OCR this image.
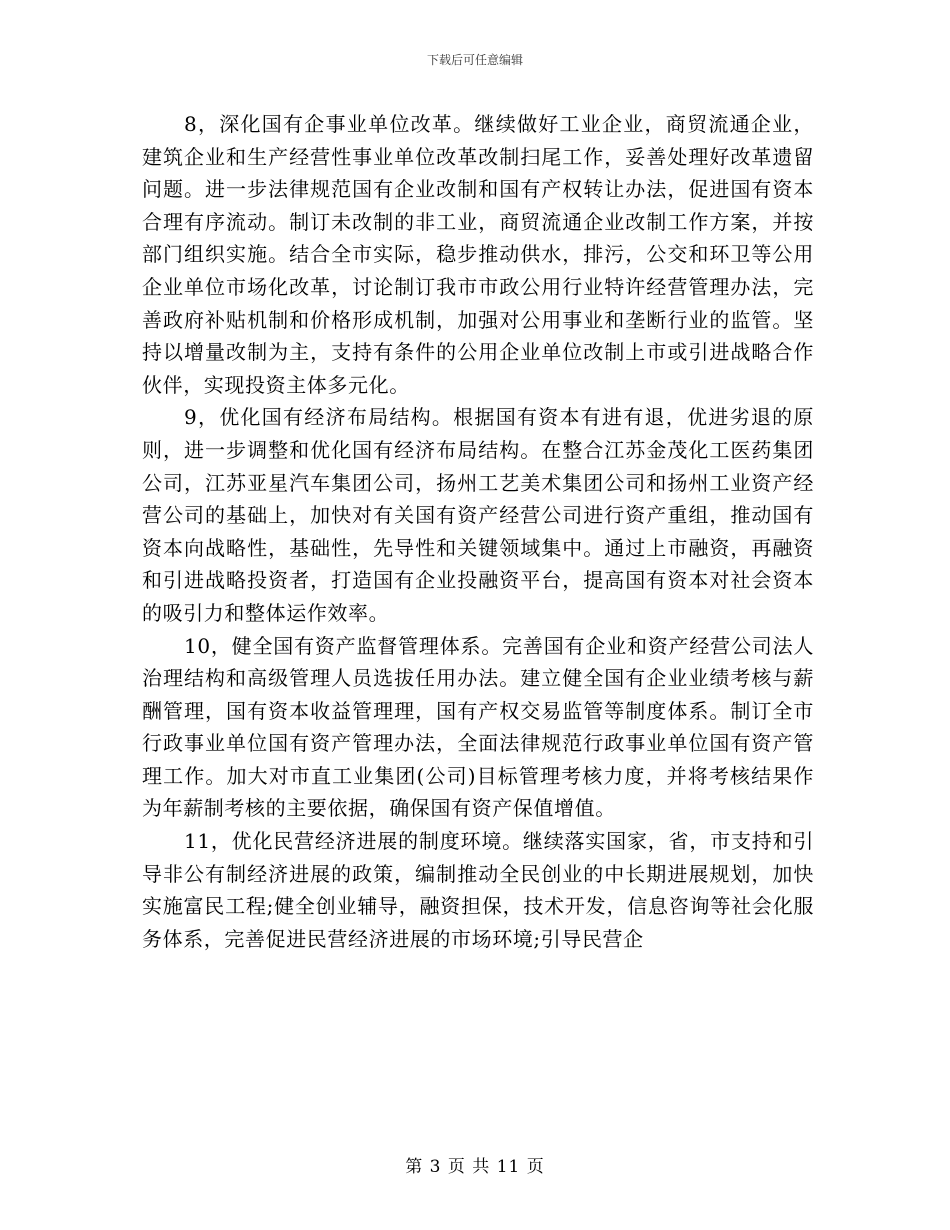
下载后可任意编辑

8，深化国有企事业单位改革。继续做好工业企业，商贸流通企业，建筑企业和生产经营性事业单位改革改制扫尾工作，妥善处理好改革遗留问题。进一步法律规范国有企业改制和国有产权转让办法，促进国有资本合理有序流动。制订未改制的非工业，商贸流通企业改制工作方案，并按部门组织实施。结合全市实际，稳步推动供水，排污，公交和环卫等公用企业单位市场化改革，讨论制订我市市政公用行业特许经营管理办法，完善政府补贴机制和价格形成机制，加强对公用事业和垄断行业的监管。坚持以增量改制为主，支持有条件的公用企业单位改制上市或引进战略合作伙伴，实现投资主体多元化。

9，优化国有经济布局结构。根据国有资本有进有退，优进劣退的原则，进一步调整和优化国有经济布局结构。在整合江苏金茂化工医药集团公司，江苏亚星汽车集团公司，扬州工艺美术集团公司和扬州工业资产经营公司的基础上，加快对有关国有资产经营公司进行资产重组，推动国有资本向战略性，基础性，先导性和关键领域集中。通过上市融资，再融资和引进战略投资者，打造国有企业投融资平台，提高国有资本对社会资本的吸引力和整体运作效率。

10，健全国有资产监督管理体系。完善国有企业和资产经营公司法人治理结构和高级管理人员选拔任用办法。建立健全国有企业业绩考核与薪酬管理，国有资本收益管理理，国有产权交易监管等制度体系。制订全市行政事业单位国有资产管理办法，全面法律规范行政事业单位国有资产管理工作。加大对市直工业集团(公司)目标管理考核力度，并将考核结果作为年薪制考核的主要依据，确保国有资产保值增值。

11，优化民营经济进展的制度环境。继续落实国家，省，市支持和引导非公有制经济进展的政策，编制推动全民创业的中长期进展规划，加快实施富民工程;健全创业辅导，融资担保，技术开发，信息咨询等社会化服务体系，完善促进民营经济进展的市场环境;引导民营企

第 3 页 共 11 页
